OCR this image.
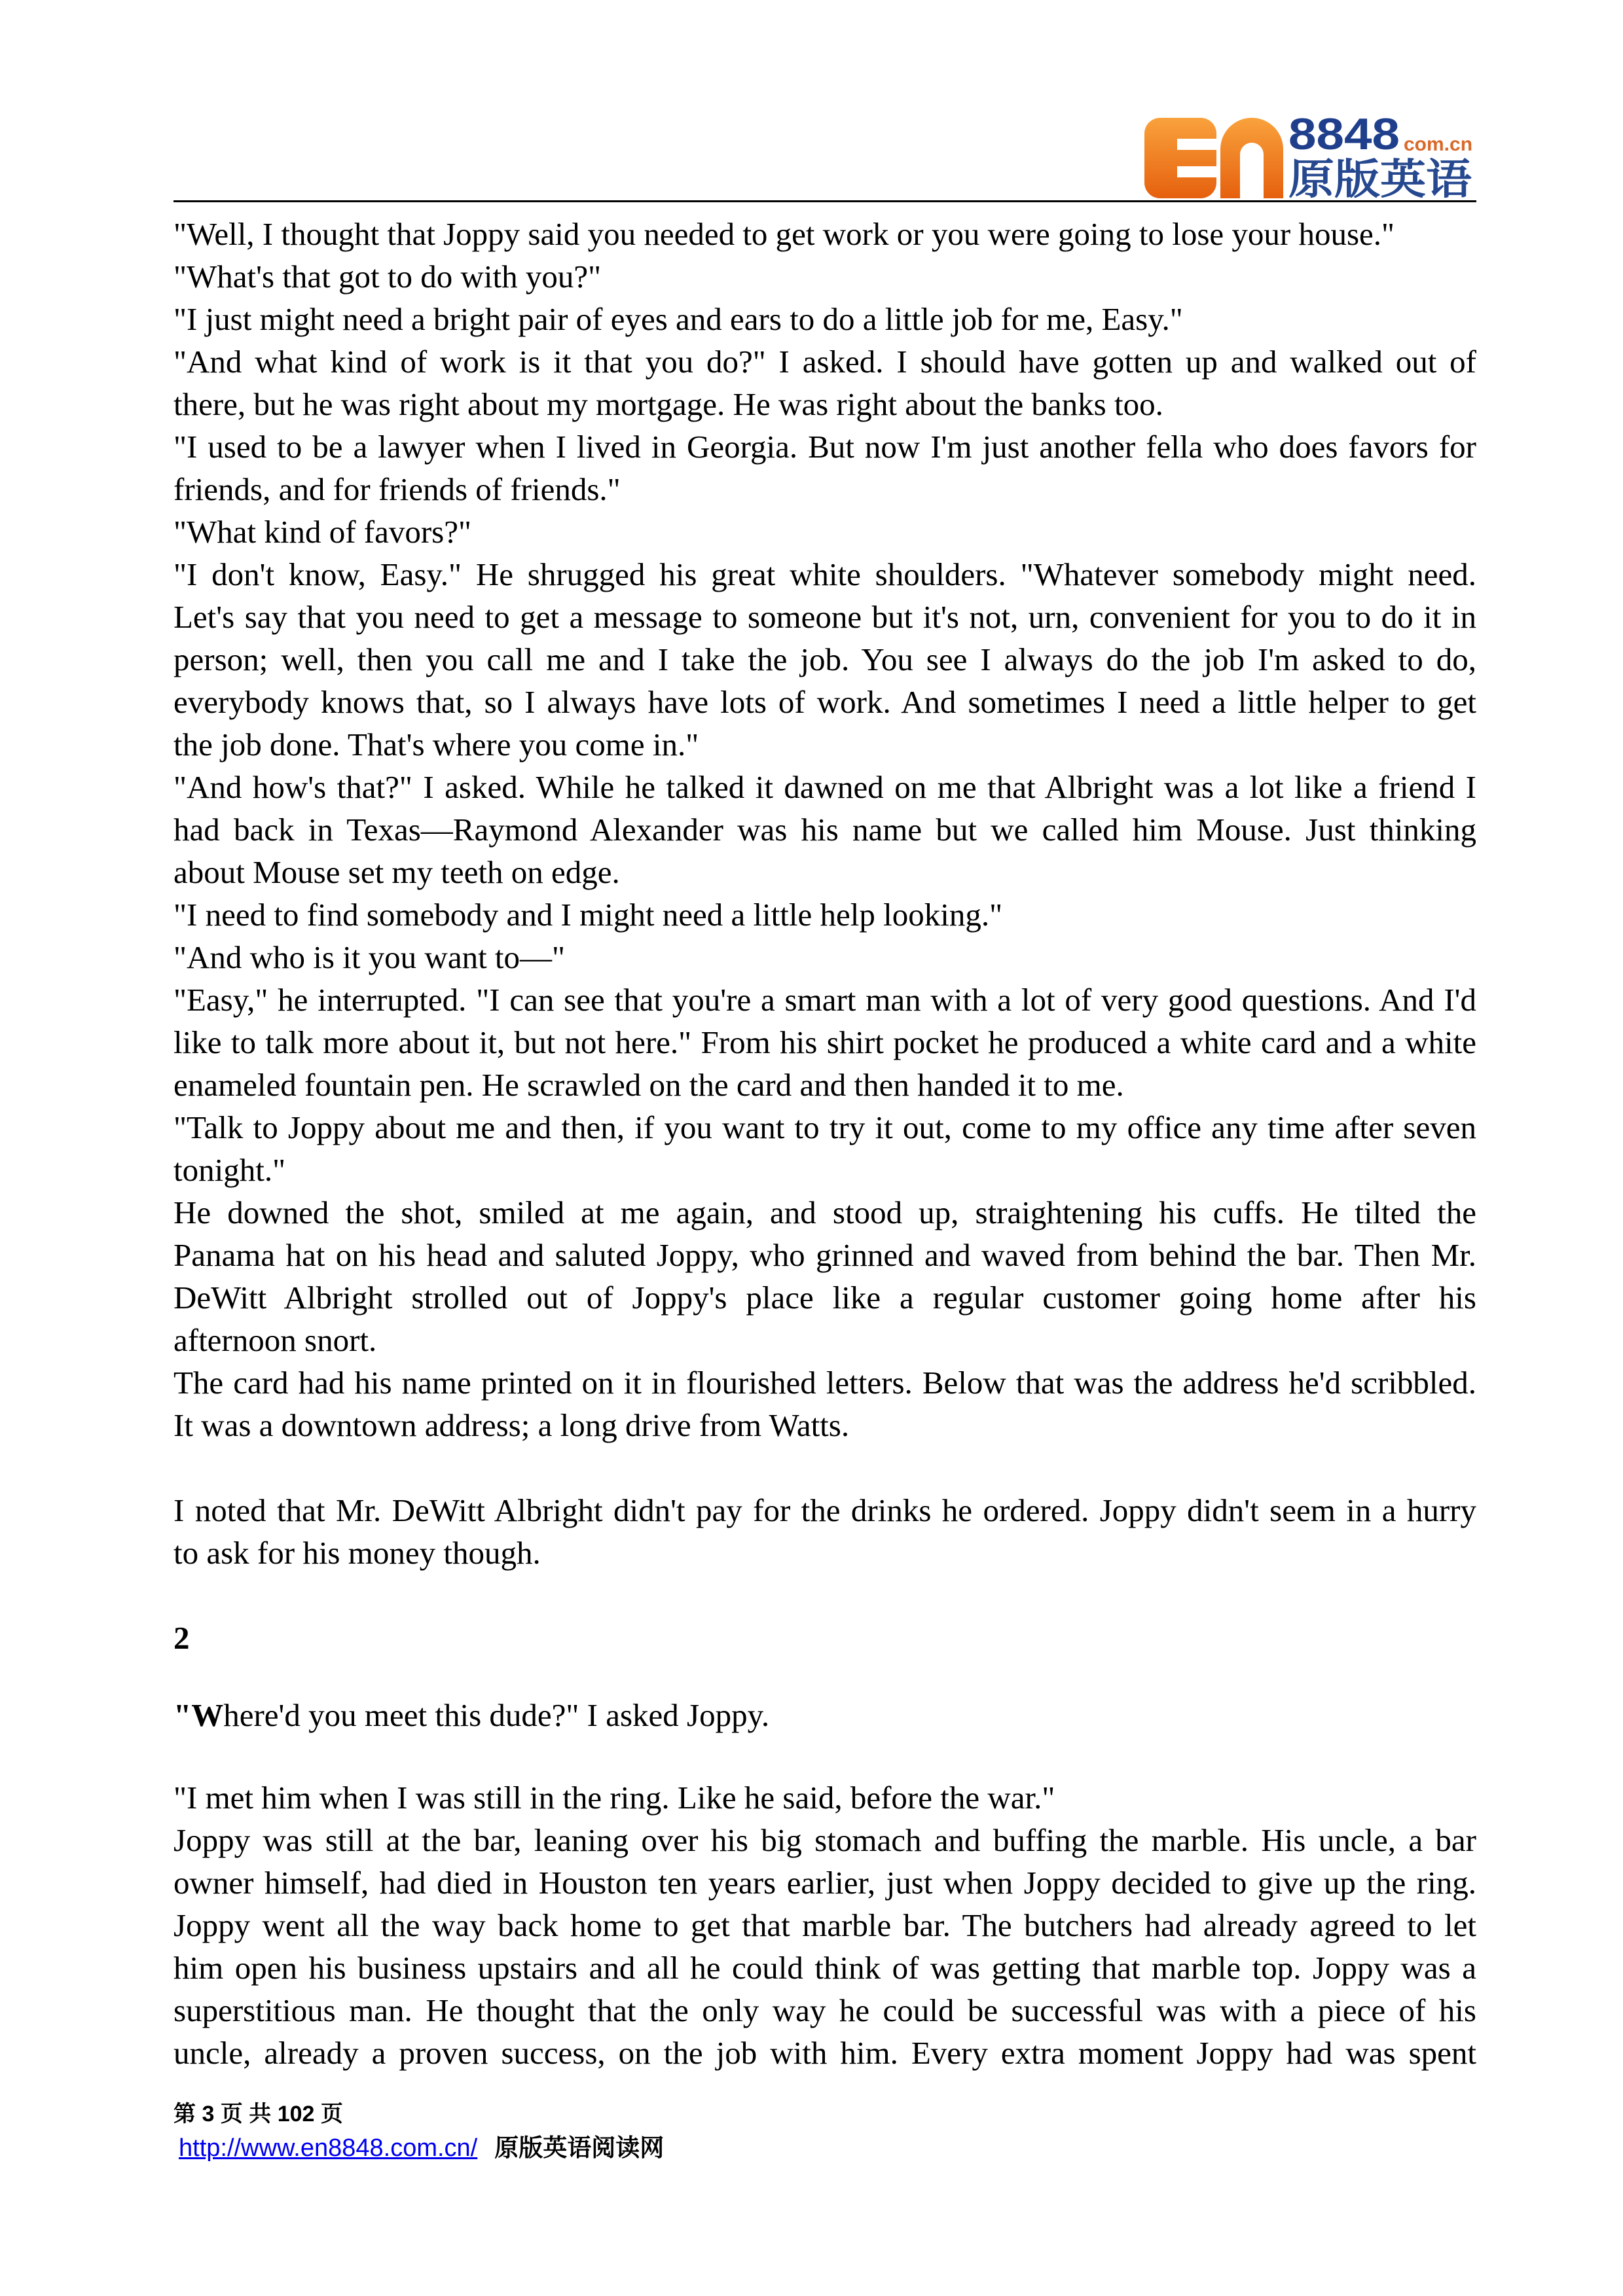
8848 com.cn
原版英语
"Well, I thought that Joppy said you needed to get work or you were going to lose your house."
"What's that got to do with you?"
"I just might need a bright pair of eyes and ears to do a little job for me, Easy."
"And what kind of work is it that you do?" I asked. I should have gotten up and walked out of
there, but he was right about my mortgage. He was right about the banks too.
"I used to be a lawyer when I lived in Georgia. But now I'm just another fella who does favors for
friends, and for friends of friends."
"What kind of favors?"
"I don't know, Easy." He shrugged his great white shoulders. "Whatever somebody might need.
Let's say that you need to get a message to someone but it's not, urn, convenient for you to do it in
person; well, then you call me and I take the job. You see I always do the job I'm asked to do,
everybody knows that, so I always have lots of work. And sometimes I need a little helper to get
the job done. That's where you come in."
"And how's that?" I asked. While he talked it dawned on me that Albright was a lot like a friend I
had back in Texas—Raymond Alexander was his name but we called him Mouse. Just thinking
about Mouse set my teeth on edge.
"I need to find somebody and I might need a little help looking."
"And who is it you want to—"
"Easy," he interrupted. "I can see that you're a smart man with a lot of very good questions. And I'd
like to talk more about it, but not here." From his shirt pocket he produced a white card and a white
enameled fountain pen. He scrawled on the card and then handed it to me.
"Talk to Joppy about me and then, if you want to try it out, come to my office any time after seven
tonight."
He downed the shot, smiled at me again, and stood up, straightening his cuffs. He tilted the
Panama hat on his head and saluted Joppy, who grinned and waved from behind the bar. Then Mr.
DeWitt Albright strolled out of Joppy's place like a regular customer going home after his
afternoon snort.
The card had his name printed on it in flourished letters. Below that was the address he'd scribbled.
It was a downtown address; a long drive from Watts.
I noted that Mr. DeWitt Albright didn't pay for the drinks he ordered. Joppy didn't seem in a hurry
to ask for his money though.
2
"Where'd you meet this dude?" I asked Joppy.
"I met him when I was still in the ring. Like he said, before the war."
Joppy was still at the bar, leaning over his big stomach and buffing the marble. His uncle, a bar
owner himself, had died in Houston ten years earlier, just when Joppy decided to give up the ring.
Joppy went all the way back home to get that marble bar. The butchers had already agreed to let
him open his business upstairs and all he could think of was getting that marble top. Joppy was a
superstitious man. He thought that the only way he could be successful was with a piece of his
uncle, already a proven success, on the job with him. Every extra moment Joppy had was spent
第 3 页 共 102 页
http://www.en8848.com.cn/ 原版英语阅读网
